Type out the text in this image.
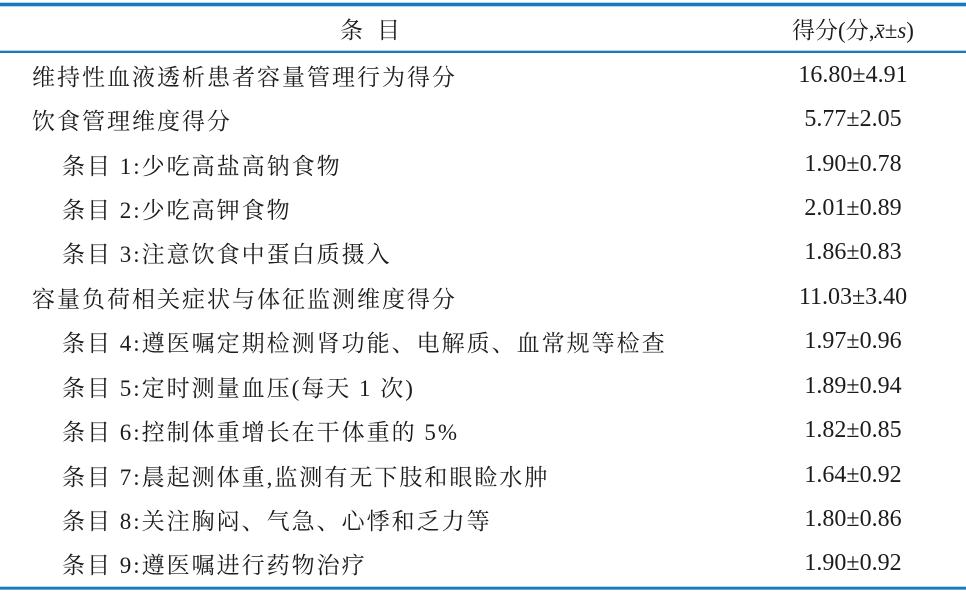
条目	得分(分,x̄±s)
维持性血液透析患者容量管理行为得分	16.80±4.91
饮食管理维度得分	5.77±2.05
条目 1:少吃高盐高钠食物	1.90±0.78
条目 2:少吃高钾食物	2.01±0.89
条目 3:注意饮食中蛋白质摄入	1.86±0.83
容量负荷相关症状与体征监测维度得分	11.03±3.40
条目 4:遵医嘱定期检测肾功能、电解质、血常规等检查	1.97±0.96
条目 5:定时测量血压(每天 1 次)	1.89±0.94
条目 6:控制体重增长在干体重的 5%	1.82±0.85
条目 7:晨起测体重,监测有无下肢和眼睑水肿	1.64±0.92
条目 8:关注胸闷、气急、心悸和乏力等	1.80±0.86
条目 9:遵医嘱进行药物治疗	1.90±0.92
